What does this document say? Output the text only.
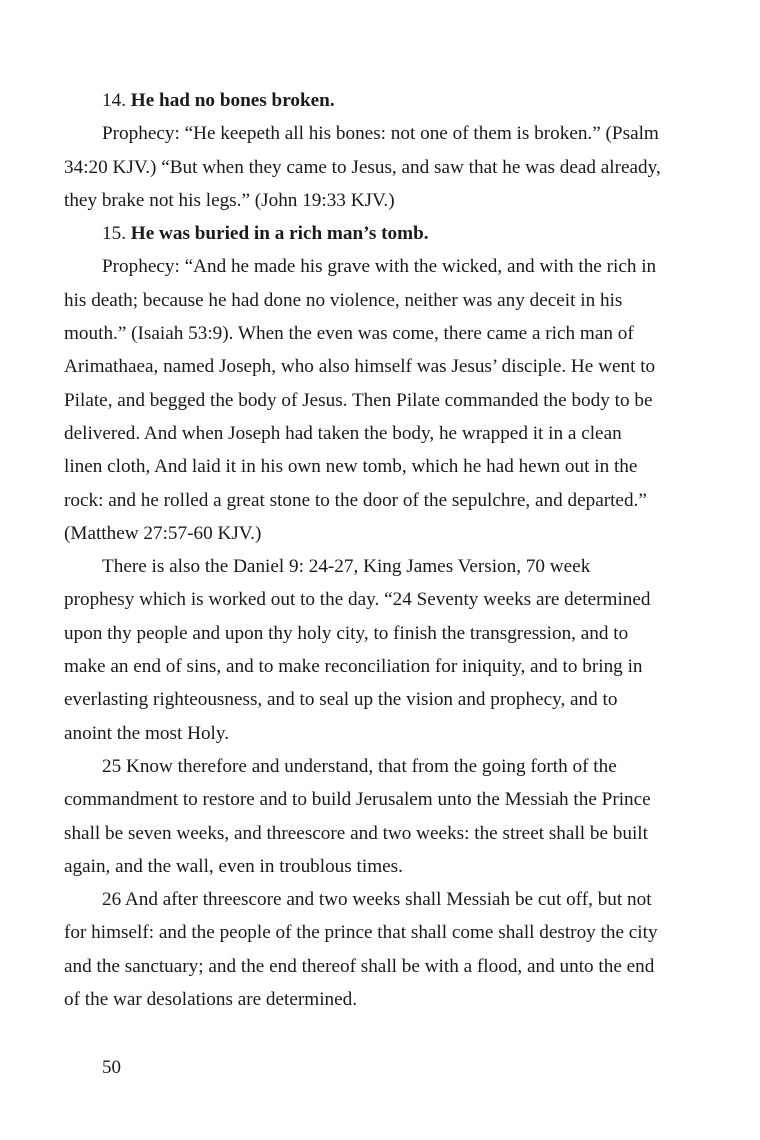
14. He had no bones broken.

Prophecy: “He keepeth all his bones: not one of them is broken.” (Psalm 34:20 KJV.) “But when they came to Jesus, and saw that he was dead already, they brake not his legs.” (John 19:33 KJV.)

15. He was buried in a rich man’s tomb.

Prophecy: “And he made his grave with the wicked, and with the rich in his death; because he had done no violence, neither was any deceit in his mouth.” (Isaiah 53:9). When the even was come, there came a rich man of Arimathaea, named Joseph, who also himself was Jesus’ disciple. He went to Pilate, and begged the body of Jesus. Then Pilate commanded the body to be delivered. And when Joseph had taken the body, he wrapped it in a clean linen cloth, And laid it in his own new tomb, which he had hewn out in the rock: and he rolled a great stone to the door of the sepulchre, and departed.” (Matthew 27:57-60 KJV.)

There is also the Daniel 9: 24-27, King James Version, 70 week prophesy which is worked out to the day. “24 Seventy weeks are determined upon thy people and upon thy holy city, to finish the transgression, and to make an end of sins, and to make reconciliation for iniquity, and to bring in everlasting righteousness, and to seal up the vision and prophecy, and to anoint the most Holy.

25 Know therefore and understand, that from the going forth of the commandment to restore and to build Jerusalem unto the Messiah the Prince shall be seven weeks, and threescore and two weeks: the street shall be built again, and the wall, even in troublous times.

26 And after threescore and two weeks shall Messiah be cut off, but not for himself: and the people of the prince that shall come shall destroy the city and the sanctuary; and the end thereof shall be with a flood, and unto the end of the war desolations are determined.

50
